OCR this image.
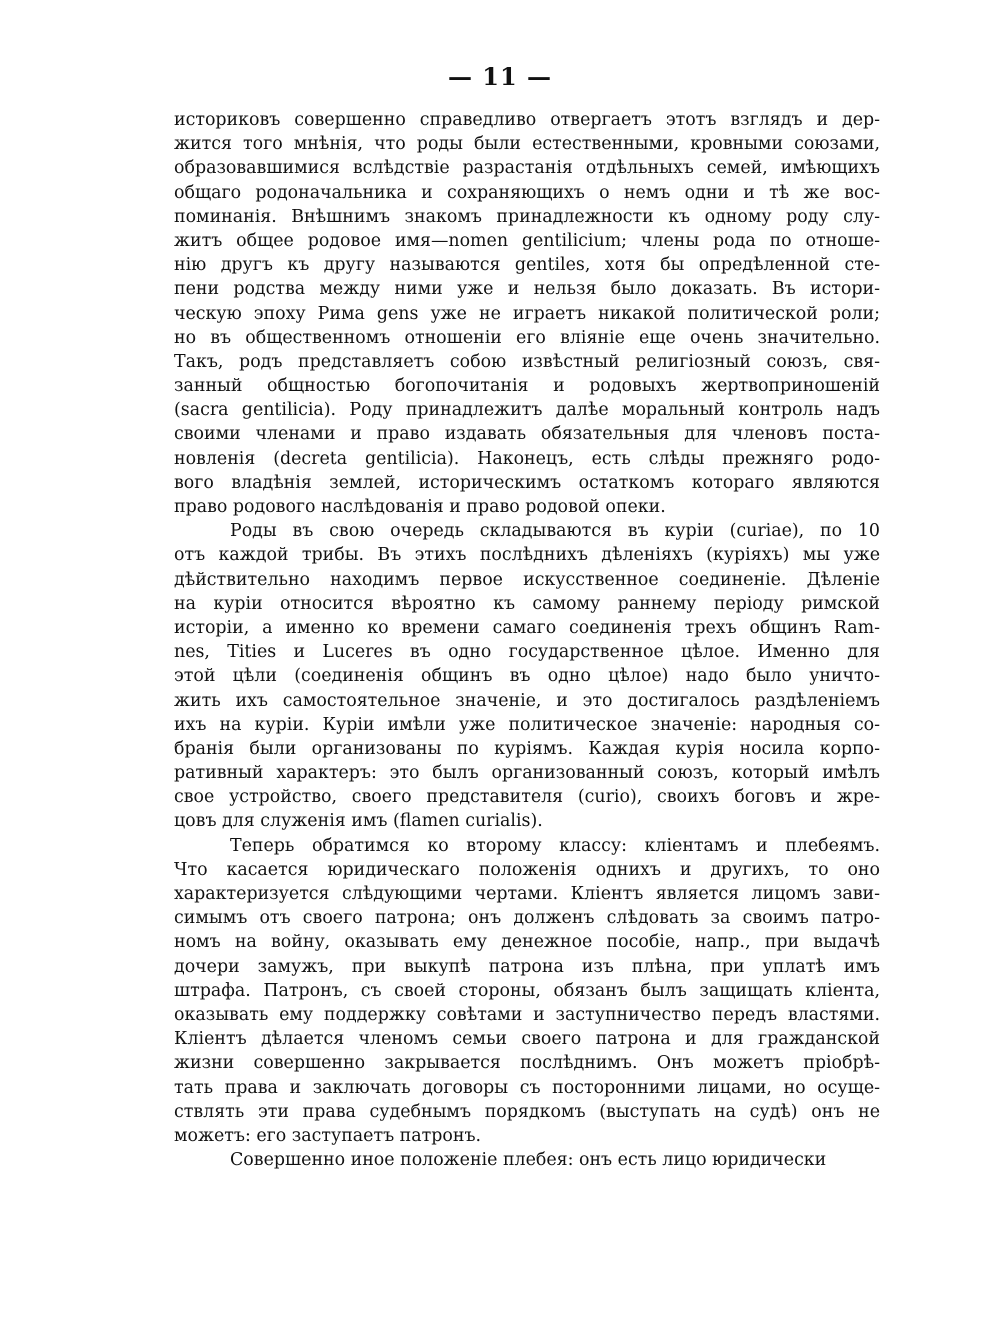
— 11 —
историковъ совершенно справедливо отвергаетъ этотъ взглядъ и дер-
жится того мнѣнія, что роды были естественными, кровными союзами,
образовавшимися вслѣдствіе разрастанія отдѣльныхъ семей, имѣющихъ
общаго родоначальника и сохраняющихъ о немъ одни и тѣ же вос-
поминанія. Внѣшнимъ знакомъ принадлежности къ одному роду слу-
житъ общее родовое имя—nomen gentilicium; члены рода по отноше-
нію другъ къ другу называются gentiles, хотя бы опредѣленной сте-
пени родства между ними уже и нельзя было доказать. Въ истори-
ческую эпоху Рима gens уже не играетъ никакой политической роли;
но въ общественномъ отношеніи его вліяніе еще очень значительно.
Такъ, родъ представляетъ собою извѣстный религіозный союзъ, свя-
занный общностью богопочитанія и родовыхъ жертвоприношеній
(sacra gentilicia). Роду принадлежитъ далѣе моральный контроль надъ
своими членами и право издавать обязательныя для членовъ поста-
новленія (decreta gentilicia). Наконецъ, есть слѣды прежняго родо-
вого владѣнія землей, историческимъ остаткомъ котораго являются
право родового наслѣдованія и право родовой опеки.
Роды въ свою очередь складываются въ куріи (curiae), по 10
отъ каждой трибы. Въ этихъ послѣднихъ дѣленіяхъ (куріяхъ) мы уже
дѣйствительно находимъ первое искусственное соединеніе. Дѣленіе
на куріи относится вѣроятно къ самому раннему періоду римской
исторіи, а именно ко времени самаго соединенія трехъ общинъ Ram-
nes, Tities и Luceres въ одно государственное цѣлое. Именно для
этой цѣли (соединенія общинъ въ одно цѣлое) надо было уничто-
жить ихъ самостоятельное значеніе, и это достигалось раздѣленіемъ
ихъ на куріи. Куріи имѣли уже политическое значеніе: народныя со-
бранія были организованы по куріямъ. Каждая курія носила корпо-
ративный характеръ: это былъ организованный союзъ, который имѣлъ
свое устройство, своего представителя (curio), своихъ боговъ и жре-
цовъ для служенія имъ (flamen curialis).
Теперь обратимся ко второму классу: кліентамъ и плебеямъ.
Что касается юридическаго положенія однихъ и другихъ, то оно
характеризуется слѣдующими чертами. Кліентъ является лицомъ зави-
симымъ отъ своего патрона; онъ долженъ слѣдовать за своимъ патро-
номъ на войну, оказывать ему денежное пособіе, напр., при выдачѣ
дочери замужъ, при выкупѣ патрона изъ плѣна, при уплатѣ имъ
штрафа. Патронъ, съ своей стороны, обязанъ былъ защищать кліента,
оказывать ему поддержку совѣтами и заступничество передъ властями.
Кліентъ дѣлается членомъ семьи своего патрона и для гражданской
жизни совершенно закрывается послѣднимъ. Онъ можетъ пріобрѣ-
тать права и заключать договоры съ посторонними лицами, но осуще-
ствлять эти права судебнымъ порядкомъ (выступать на судѣ) онъ не
можетъ: его заступаетъ патронъ.
Совершенно иное положеніе плебея: онъ есть лицо юридически
